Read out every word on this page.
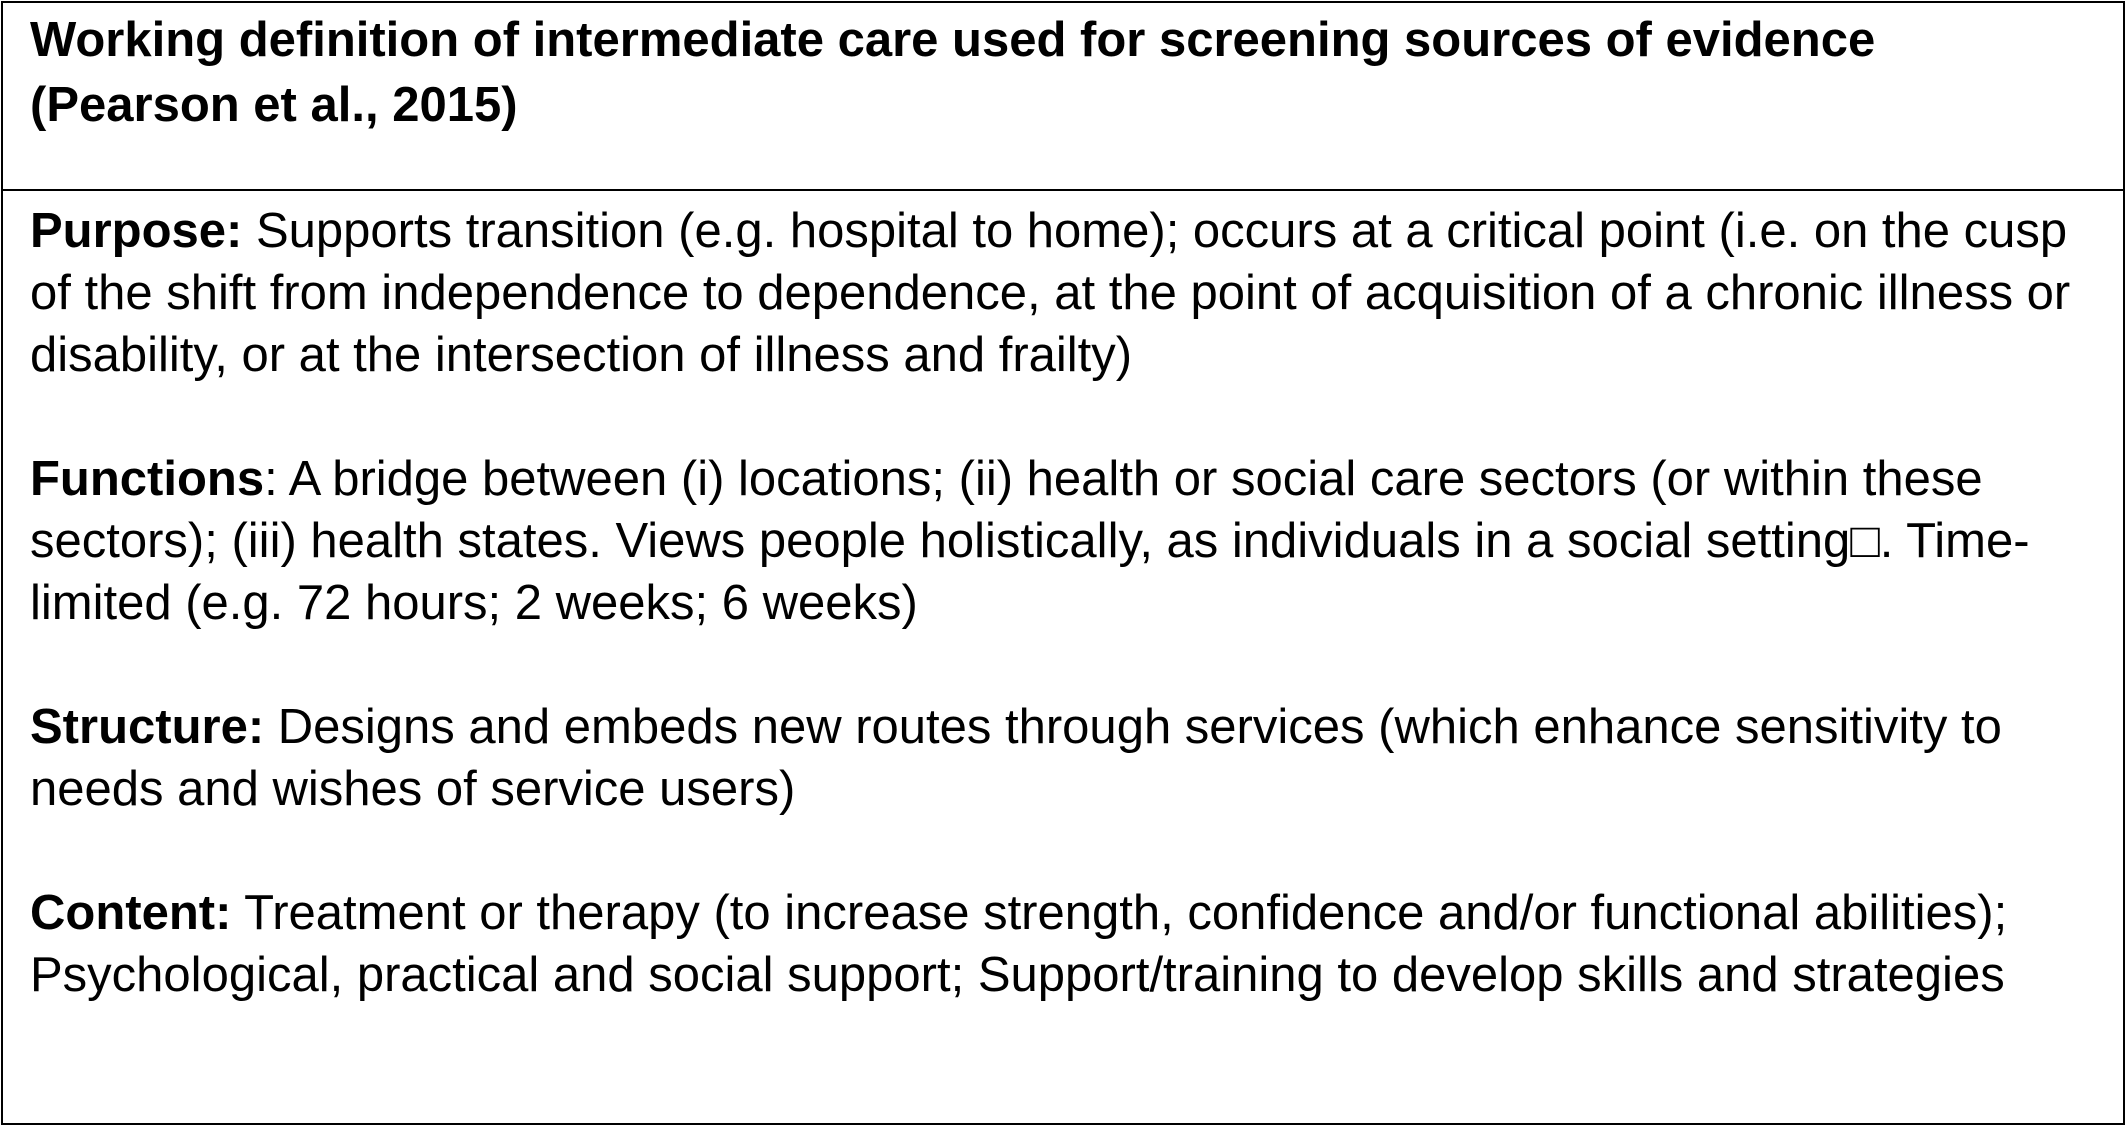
Working definition of intermediate care used for screening sources of evidence (Pearson et al., 2015)

Purpose: Supports transition (e.g. hospital to home); occurs at a critical point (i.e. on the cusp of the shift from independence to dependence, at the point of acquisition of a chronic illness or disability, or at the intersection of illness and frailty)

Functions: A bridge between (i) locations; (ii) health or social care sectors (or within these sectors); (iii) health states. Views people holistically, as individuals in a social setting□. Time-limited (e.g. 72 hours; 2 weeks; 6 weeks)

Structure: Designs and embeds new routes through services (which enhance sensitivity to needs and wishes of service users)

Content: Treatment or therapy (to increase strength, confidence and/or functional abilities); Psychological, practical and social support; Support/training to develop skills and strategies
